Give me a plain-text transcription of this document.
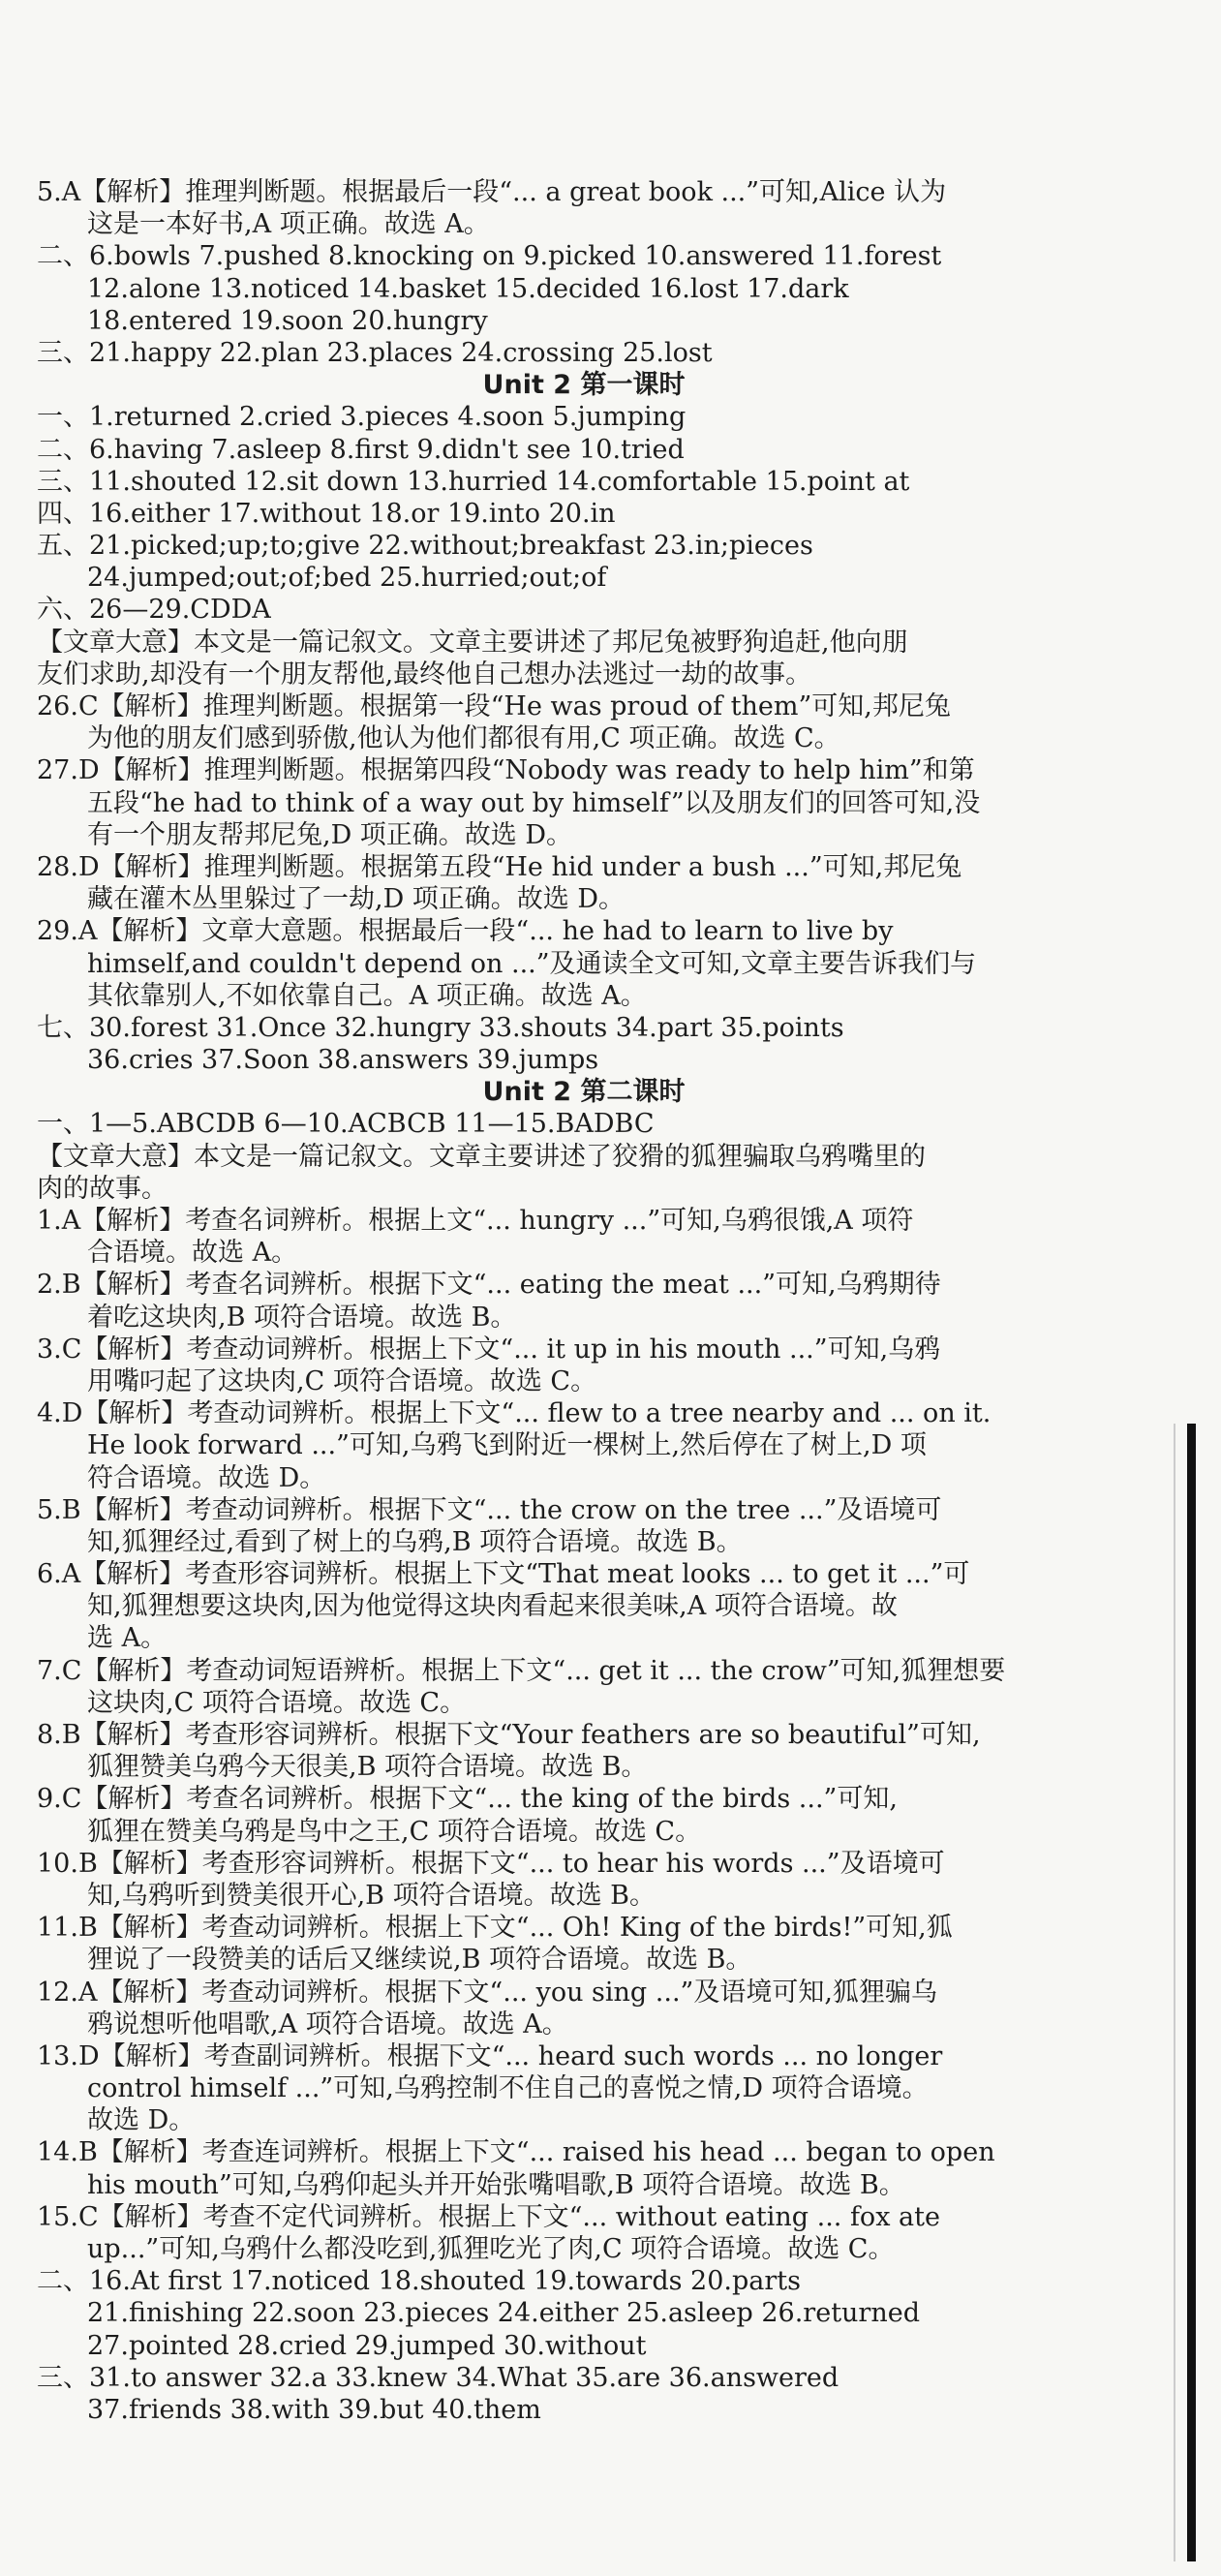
5.A【解析】推理判断题。根据最后一段“... a great book ...”可知,Alice 认为
这是一本好书,A 项正确。故选 A。
二、6.bowls 7.pushed 8.knocking on 9.picked 10.answered 11.forest
12.alone 13.noticed 14.basket 15.decided 16.lost 17.dark
18.entered 19.soon 20.hungry
三、21.happy 22.plan 23.places 24.crossing 25.lost
Unit 2 第一课时
一、1.returned 2.cried 3.pieces 4.soon 5.jumping
二、6.having 7.asleep 8.first 9.didn't see 10.tried
三、11.shouted 12.sit down 13.hurried 14.comfortable 15.point at
四、16.either 17.without 18.or 19.into 20.in
五、21.picked;up;to;give 22.without;breakfast 23.in;pieces
24.jumped;out;of;bed 25.hurried;out;of
六、26—29.CDDA
【文章大意】本文是一篇记叙文。文章主要讲述了邦尼兔被野狗追赶,他向朋
友们求助,却没有一个朋友帮他,最终他自己想办法逃过一劫的故事。
26.C【解析】推理判断题。根据第一段“He was proud of them”可知,邦尼兔
为他的朋友们感到骄傲,他认为他们都很有用,C 项正确。故选 C。
27.D【解析】推理判断题。根据第四段“Nobody was ready to help him”和第
五段“he had to think of a way out by himself”以及朋友们的回答可知,没
有一个朋友帮邦尼兔,D 项正确。故选 D。
28.D【解析】推理判断题。根据第五段“He hid under a bush ...”可知,邦尼兔
藏在灌木丛里躲过了一劫,D 项正确。故选 D。
29.A【解析】文章大意题。根据最后一段“... he had to learn to live by
himself,and couldn't depend on ...”及通读全文可知,文章主要告诉我们与
其依靠别人,不如依靠自己。A 项正确。故选 A。
七、30.forest 31.Once 32.hungry 33.shouts 34.part 35.points
36.cries 37.Soon 38.answers 39.jumps
Unit 2 第二课时
一、1—5.ABCDB 6—10.ACBCB 11—15.BADBC
【文章大意】本文是一篇记叙文。文章主要讲述了狡猾的狐狸骗取乌鸦嘴里的
肉的故事。
1.A【解析】考查名词辨析。根据上文“... hungry ...”可知,乌鸦很饿,A 项符
合语境。故选 A。
2.B【解析】考查名词辨析。根据下文“... eating the meat ...”可知,乌鸦期待
着吃这块肉,B 项符合语境。故选 B。
3.C【解析】考查动词辨析。根据上下文“... it up in his mouth ...”可知,乌鸦
用嘴叼起了这块肉,C 项符合语境。故选 C。
4.D【解析】考查动词辨析。根据上下文“... flew to a tree nearby and ... on it.
He look forward ...”可知,乌鸦飞到附近一棵树上,然后停在了树上,D 项
符合语境。故选 D。
5.B【解析】考查动词辨析。根据下文“... the crow on the tree ...”及语境可
知,狐狸经过,看到了树上的乌鸦,B 项符合语境。故选 B。
6.A【解析】考查形容词辨析。根据上下文“That meat looks ... to get it ...”可
知,狐狸想要这块肉,因为他觉得这块肉看起来很美味,A 项符合语境。故
选 A。
7.C【解析】考查动词短语辨析。根据上下文“... get it ... the crow”可知,狐狸想要
这块肉,C 项符合语境。故选 C。
8.B【解析】考查形容词辨析。根据下文“Your feathers are so beautiful”可知,
狐狸赞美乌鸦今天很美,B 项符合语境。故选 B。
9.C【解析】考查名词辨析。根据下文“... the king of the birds ...”可知,
狐狸在赞美乌鸦是鸟中之王,C 项符合语境。故选 C。
10.B【解析】考查形容词辨析。根据下文“... to hear his words ...”及语境可
知,乌鸦听到赞美很开心,B 项符合语境。故选 B。
11.B【解析】考查动词辨析。根据上下文“... Oh! King of the birds!”可知,狐
狸说了一段赞美的话后又继续说,B 项符合语境。故选 B。
12.A【解析】考查动词辨析。根据下文“... you sing ...”及语境可知,狐狸骗乌
鸦说想听他唱歌,A 项符合语境。故选 A。
13.D【解析】考查副词辨析。根据下文“... heard such words ... no longer
control himself ...”可知,乌鸦控制不住自己的喜悦之情,D 项符合语境。
故选 D。
14.B【解析】考查连词辨析。根据上下文“... raised his head ... began to open
his mouth”可知,乌鸦仰起头并开始张嘴唱歌,B 项符合语境。故选 B。
15.C【解析】考查不定代词辨析。根据上下文“... without eating ... fox ate
up...”可知,乌鸦什么都没吃到,狐狸吃光了肉,C 项符合语境。故选 C。
二、16.At first 17.noticed 18.shouted 19.towards 20.parts
21.finishing 22.soon 23.pieces 24.either 25.asleep 26.returned
27.pointed 28.cried 29.jumped 30.without
三、31.to answer 32.a 33.knew 34.What 35.are 36.answered
37.friends 38.with 39.but 40.them
